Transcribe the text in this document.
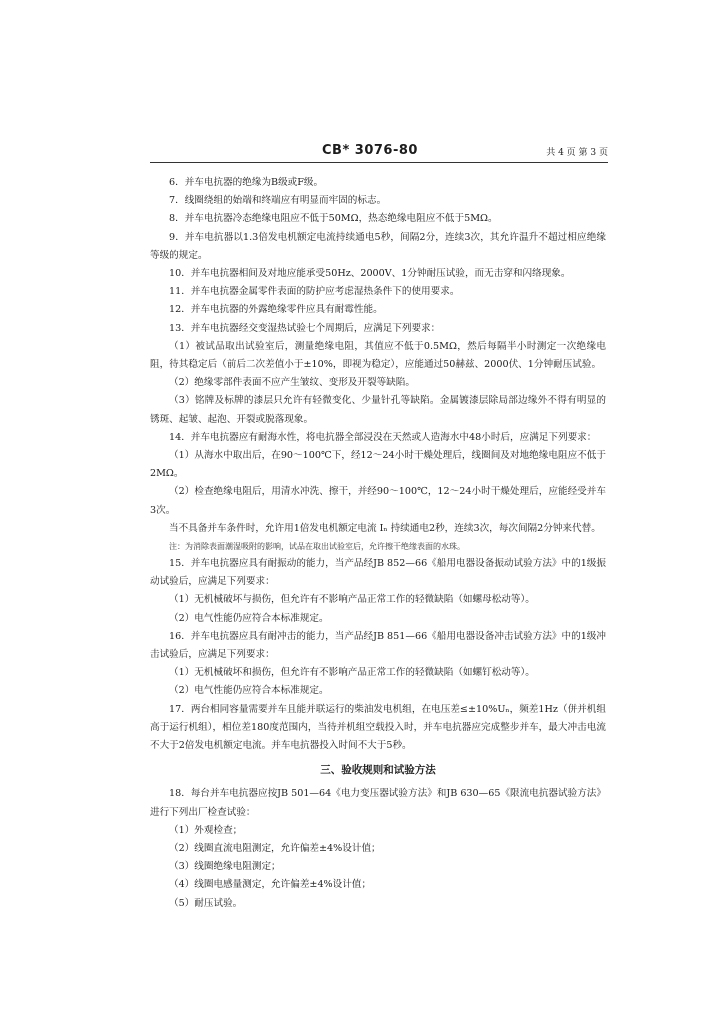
CB* 3076-80	共 4 页 第 3 页

6．并车电抗器的绝缘为B级或F级。

7．线圈绕组的始端和终端应有明显而牢固的标志。

8．并车电抗器冷态绝缘电阻应不低于50MΩ，热态绝缘电阻应不低于5MΩ。

9．并车电抗器以1.3倍发电机额定电流持续通电5秒，间隔2分，连续3次，其允许温升不超过相应绝缘等级的规定。

10．并车电抗器相间及对地应能承受50Hz、2000V、1分钟耐压试验，而无击穿和闪络现象。

11．并车电抗器金属零件表面的防护应考虑湿热条件下的使用要求。

12．并车电抗器的外露绝缘零件应具有耐霉性能。

13．并车电抗器经交变湿热试验七个周期后，应满足下列要求：

（1）被试品取出试验室后，测量绝缘电阻，其值应不低于0.5MΩ，然后每隔半小时测定一次绝缘电阻，待其稳定后（前后二次差值小于±10%，即视为稳定），应能通过50赫兹、2000伏、1分钟耐压试验。

（2）绝缘零部件表面不应产生皱纹、变形及开裂等缺陷。

（3）铭牌及标牌的漆层只允许有轻微变化、少量针孔等缺陷。金属镀漆层除局部边缘外不得有明显的锈斑、起皱、起泡、开裂或脱落现象。

14．并车电抗器应有耐海水性，将电抗器全部浸没在天然或人造海水中48小时后，应满足下列要求：

（1）从海水中取出后，在90～100℃下，经12～24小时干燥处理后，线圈间及对地绝缘电阻应不低于2MΩ。

（2）检查绝缘电阻后，用清水冲洗、擦干，并经90～100℃，12～24小时干燥处理后，应能经受并车3次。

当不具备并车条件时，允许用1倍发电机额定电流 Iₙ 持续通电2秒，连续3次，每次间隔2分钟来代替。

注：为消除表面潮湿吸附的影响，试品在取出试验室后，允许擦干绝缘表面的水珠。

15．并车电抗器应具有耐振动的能力，当产品经JB 852—66《船用电器设备振动试验方法》中的1级振动试验后，应满足下列要求：

（1）无机械破坏与损伤，但允许有不影响产品正常工作的轻微缺陷（如螺母松动等）。

（2）电气性能仍应符合本标准规定。

16．并车电抗器应具有耐冲击的能力，当产品经JB 851—66《船用电器设备冲击试验方法》中的1级冲击试验后，应满足下列要求：

（1）无机械破坏和损伤，但允许有不影响产品正常工作的轻微缺陷（如螺钉松动等）。

（2）电气性能仍应符合本标准规定。

17．两台相同容量需要并车且能并联运行的柴油发电机组，在电压差≤±10%Uₙ，频差1Hz（併并机组高于运行机组），相位差180度范围内，当待并机组空载投入时，并车电抗器应完成整步并车，最大冲击电流不大于2倍发电机额定电流。并车电抗器投入时间不大于5秒。

三、验收规则和试验方法

18．每台并车电抗器应按JB 501—64《电力变压器试验方法》和JB 630—65《限流电抗器试验方法》进行下列出厂检查试验：

（1）外观检查；

（2）线圈直流电阻测定，允许偏差±4%设计值；

（3）线圈绝缘电阻测定；

（4）线圈电感量测定，允许偏差±4%设计值；

（5）耐压试验。
